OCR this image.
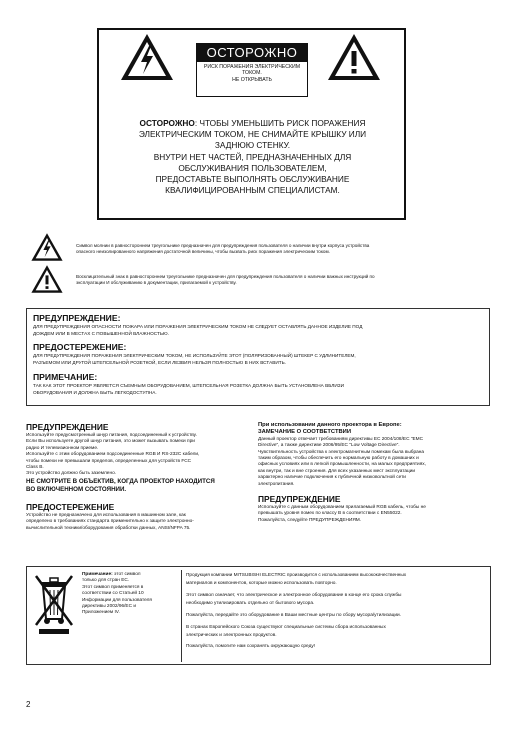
ОСТОРОЖНО
РИСК ПОРАЖЕНИЯ ЭЛЕКТРИЧЕСКИМ
ТОКОМ.
НЕ ОТКРЫВАТЬ
ОСТОРОЖНО: ЧТОБЫ УМЕНЬШИТЬ РИСК ПОРАЖЕНИЯ
ЭЛЕКТРИЧЕСКИМ ТОКОМ, НЕ СНИМАЙТЕ КРЫШКУ ИЛИ
ЗАДНЮЮ СТЕНКУ.
ВНУТРИ НЕТ ЧАСТЕЙ, ПРЕДНАЗНАЧЕННЫХ ДЛЯ
ОБСЛУЖИВАНИЯ ПОЛЬЗОВАТЕЛЕМ,
ПРЕДОСТАВЬТЕ ВЫПОЛНЯТЬ ОБСЛУЖИВАНИЕ
КВАЛИФИЦИРОВАННЫМ СПЕЦИАЛИСТАМ.
Символ молнии в равностороннем треугольнике предназначен для предупреждения пользователя о наличии внутри корпуса устройства
опасного неизолированного напряжения достаточной величины, чтобы вызвать риск поражения электрическим током.
Восклицательный знак в равностороннем треугольнике предназначен для предупреждения пользователя о наличии важных инструкций по
эксплуатации И обслуживанию в документации, прилагаемой к устройству.
ПРЕДУПРЕЖДЕНИЕ:
ДЛЯ ПРЕДУПРЕЖДЕНИЯ ОПАСНОСТИ ПОЖАРА ИЛИ ПОРАЖЕНИЯ ЭЛЕКТРИЧЕСКИМ ТОКОМ НЕ СЛЕДУЕТ ОСТАВЛЯТЬ ДАННОЕ ИЗДЕЛИЕ ПОД
ДОЖДЕМ ИЛИ В МЕСТАХ С ПОВЫШЕННОЙ ВЛАЖНОСТЬЮ.
ПРЕДОСТЕРЕЖЕНИЕ:
ДЛЯ ПРЕДУПРЕЖДЕНИЯ ПОРАЖЕНИЯ ЭЛЕКТРИЧЕСКИМ ТОКОМ, НЕ ИСПОЛЬЗУЙТЕ ЭТОТ (ПОЛЯРИЗОВАННЫЙ) ШТЕКЕР С УДЛИНИТЕЛЕМ,
РАЗЪЕМОМ ИЛИ ДРУГОЙ ШТЕПСЕЛЬНОЙ РОЗЕТКОЙ, ЕСЛИ ЛЕЗВИЯ НЕЛЬЗЯ ПОЛНОСТЬЮ В НИХ ВСТАВИТЬ.
ПРИМЕЧАНИЕ:
ТАК КАК ЭТОТ ПРОЕКТОР ЯВЛЯЕТСЯ СЪЕМНЫМ ОБОРУДОВАНИЕМ, ШТЕПСЕЛЬНАЯ РОЗЕТКА ДОЛЖНА БЫТЬ УСТАНОВЛЕНА ВБЛИЗИ
ОБОРУДОВАНИЯ И ДОЛЖНА БЫТЬ ЛЕГКОДОСТУПНА.
ПРЕДУПРЕЖДЕНИЕ
Используйте предусмотренный шнур питания, подсоединенный к устройству.
Если Вы используете другой шнур питания, это может вызывать помехи при
радио И телевизионном приеме.
Используйте с этим оборудованием подсоединенные RGB И RS-232C кабели,
чтобы помехи не превышали пределов, определенных для устройств FCC
Сlass B.
Это устройство должно быть заземлено.
НЕ СМОТРИТЕ В ОБЪЕКТИВ, КОГДА ПРОЕКТОР НАХОДИТСЯ
ВО ВКЛЮЧЕННОМ СОСТОЯНИИ.
ПРЕДОСТЕРЕЖЕНИЕ
Устройство не предназначено для использования в машинном зале, как
определено в требованиях стандарта применительно к защите электронно-
вычислительной техники/оборудования обработки данных, ANSI/NFPA 75.
При использовании данного проектора в Европе:
ЗАМЕЧАНИЕ О СООТВЕТСТВИИ
Данный проектор отвечает требованиям директивы EC 2004/108/EC "EMC
Directive", а также директиве 2006/95/EC "Low Voltage Directive".
Чувствительность устройства к электромагнитным помехам была выбрана
таким образом, чтобы обеспечить его нормальную работу в домашних и
офисных условиях или в легкой промышленности, на малых предприятиях,
как внутри, так и вне строения. Для всех указанных мест эксплуатации
характерно наличие подключения к публичной низковольтной сети
электропитания.
ПРЕДУПРЕЖДЕНИЕ
Используйте с данным оборудованием прилагаемый RGB кабель, чтобы не
превышать уровня помех по классу B в соответствии с EN55022.
Пожалуйста, следуйте ПРЕДУПРЕЖДЕНИЯМ.
Примечание: этот символ
только для стран ЕС.
Этот символ применяется в
соответствии со Статьей 10
Информации для пользователя
директивы 2002/96/EC и
Приложением IV.
Продукция компании MITSUBISHI ELECTRIC производится с использованием высококачественных
материалов и компонентов, которые можно использовать повторно.
Этот символ означает, что электрическое и электронное оборудование в конце его срока службы
необходимо утилизировать отдельно от бытового мусора.
Пожалуйста, передайте это оборудование в Ваши местные центры по сбору мусора/утилизации.
В странах Европейского Союза существуют специальные системы сбора использованных
электрических и электронных продуктов.
Пожалуйста, помогите нам сохранять окружающую среду!
2
